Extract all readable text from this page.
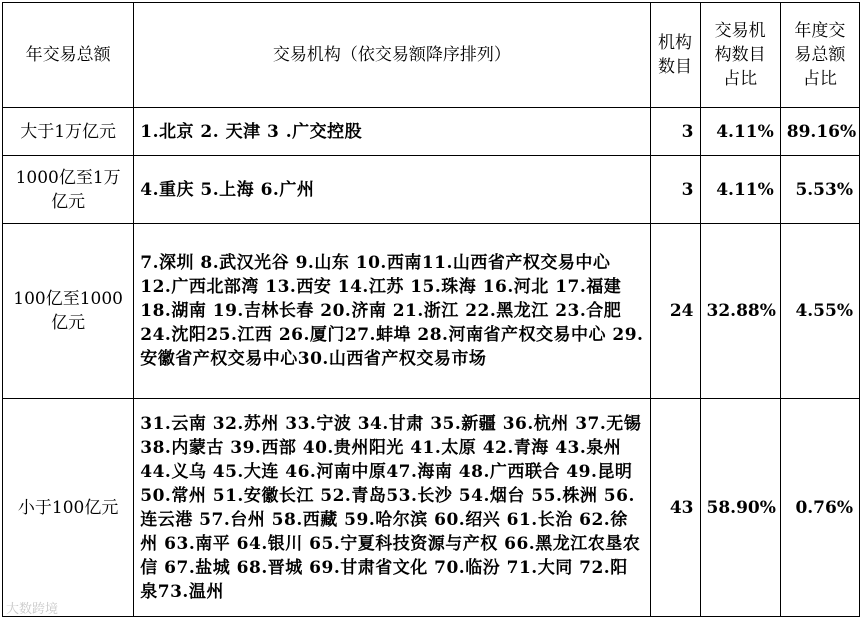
年交易总额	交易机构（依交易额降序排列）	机构数目	交易机构数目占比	年度交易总额占比
大于1万亿元	1.北京 2. 天津 3 .广交控股	3	4.11%	89.16%
1000亿至1万亿元	4.重庆 5.上海 6.广州	3	4.11%	5.53%
100亿至1000亿元	7.深圳 8.武汉光谷 9.山东 10.西南11.山西省产权交易中心 12.广西北部湾 13.西安 14.江苏 15.珠海 16.河北 17.福建 18.湖南 19.吉林长春 20.济南 21.浙江 22.黑龙江 23.合肥 24.沈阳25.江西 26.厦门27.蚌埠 28.河南省产权交易中心 29.安徽省产权交易中心30.山西省产权交易市场	24	32.88%	4.55%
小于100亿元	31.云南 32.苏州 33.宁波 34.甘肃 35.新疆 36.杭州 37.无锡 38.内蒙古 39.西部 40.贵州阳光 41.太原 42.青海 43.泉州 44.义乌 45.大连 46.河南中原47.海南 48.广西联合 49.昆明 50.常州 51.安徽长江 52.青岛53.长沙 54.烟台 55.株洲 56.连云港 57.台州 58.西藏 59.哈尔滨 60.绍兴 61.长治 62.徐州 63.南平 64.银川 65.宁夏科技资源与产权 66.黑龙江农垦农信 67.盐城 68.晋城 69.甘肃省文化 70.临汾 71.大同 72.阳泉73.温州	43	58.90%	0.76%
大数跨境
